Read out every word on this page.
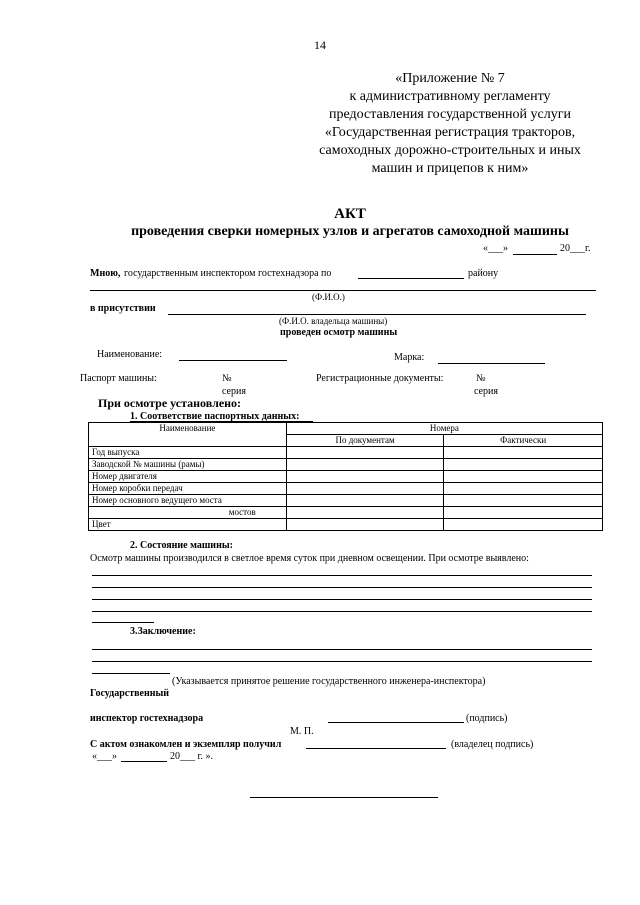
14
«Приложение № 7
к административному регламенту
предоставления государственной услуги
«Государственная регистрация тракторов,
самоходных дорожно-строительных и иных
машин и прицепов к ним»
АКТ
проведения сверки номерных узлов и агрегатов самоходной машины
«___»	20___г.
Мною, государственным инспектором гостехнадзора по	району
(Ф.И.О.)
в присутствии
(Ф.И.О. владельца машины)
проведен осмотр машины
Наименование:	Марка:
Паспорт машины:	№
серия
Регистрационные документы:	№
серия
При осмотре установлено:
1. Соответствие паспортных данных:
Наименование	Номера	
	По документам	Фактически
Год выпуска		
Заводской № машины (рамы)		
Номер двигателя		
Номер коробки передач		
Номер основного ведущего моста		
мостов		
Цвет		
2. Состояние машины:
Осмотр машины производился в светлое время суток при дневном освещении. При осмотре выявлено:
3.Заключение:
(Указывается принятое решение государственного инженера-инспектора)
Государственный
инспектор гостехнадзора	(подпись)
М. П.
С актом ознакомлен и экземпляр получил	(владелец подпись)
«___»	20___ г. ».
